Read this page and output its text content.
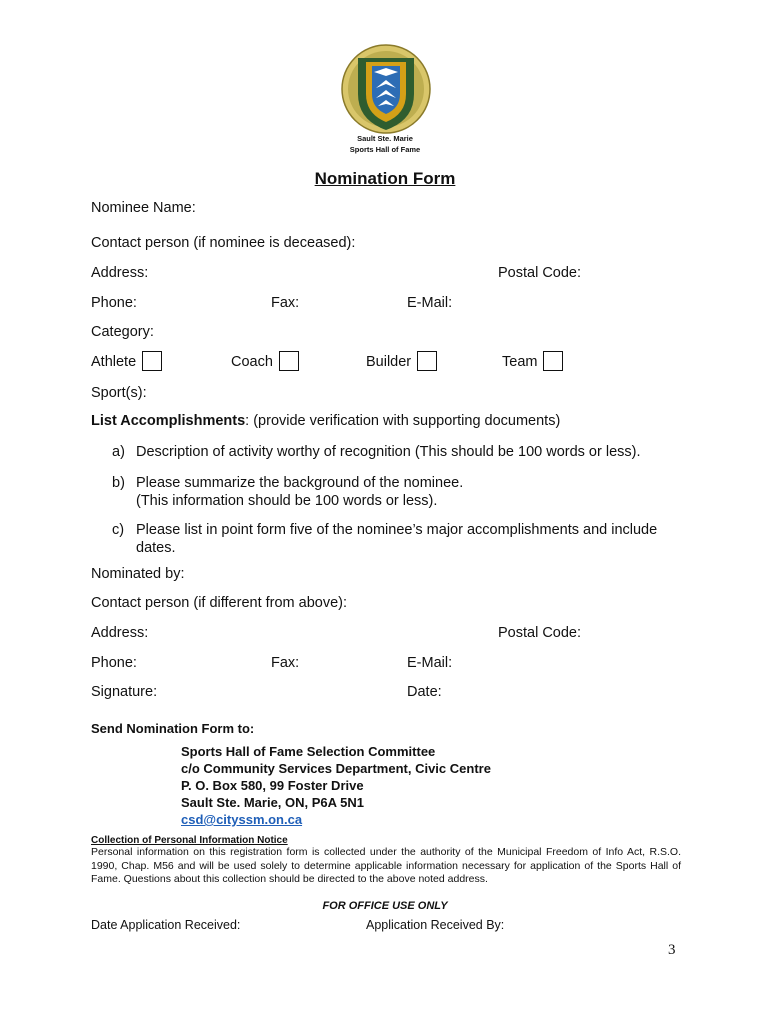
Sault Ste. Marie
Sports Hall of Fame
Nomination Form
Nominee Name:
Contact person (if nominee is deceased):
Address:	Postal Code:
Phone:	Fax:	E-Mail:
Category:
Athlete	Coach	Builder	Team
Sport(s):
List Accomplishments: (provide verification with supporting documents)
a) Description of activity worthy of recognition (This should be 100 words or less).
b) Please summarize the background of the nominee.
(This information should be 100 words or less).
c) Please list in point form five of the nominee’s major accomplishments and include
dates.
Nominated by:
Contact person (if different from above):
Address:	Postal Code:
Phone:	Fax:	E-Mail:
Signature:	Date:
Send Nomination Form to:
Sports Hall of Fame Selection Committee
c/o Community Services Department, Civic Centre
P. O. Box 580, 99 Foster Drive
Sault Ste. Marie, ON, P6A 5N1
csd@cityssm.on.ca
Collection of Personal Information Notice
Personal information on this registration form is collected under the authority of the Municipal Freedom of Info Act, R.S.O. 1990, Chap. M56 and will be used solely to determine applicable information necessary for application of the Sports Hall of Fame. Questions about this collection should be directed to the above noted address.
FOR OFFICE USE ONLY
Date Application Received:	Application Received By:
3
